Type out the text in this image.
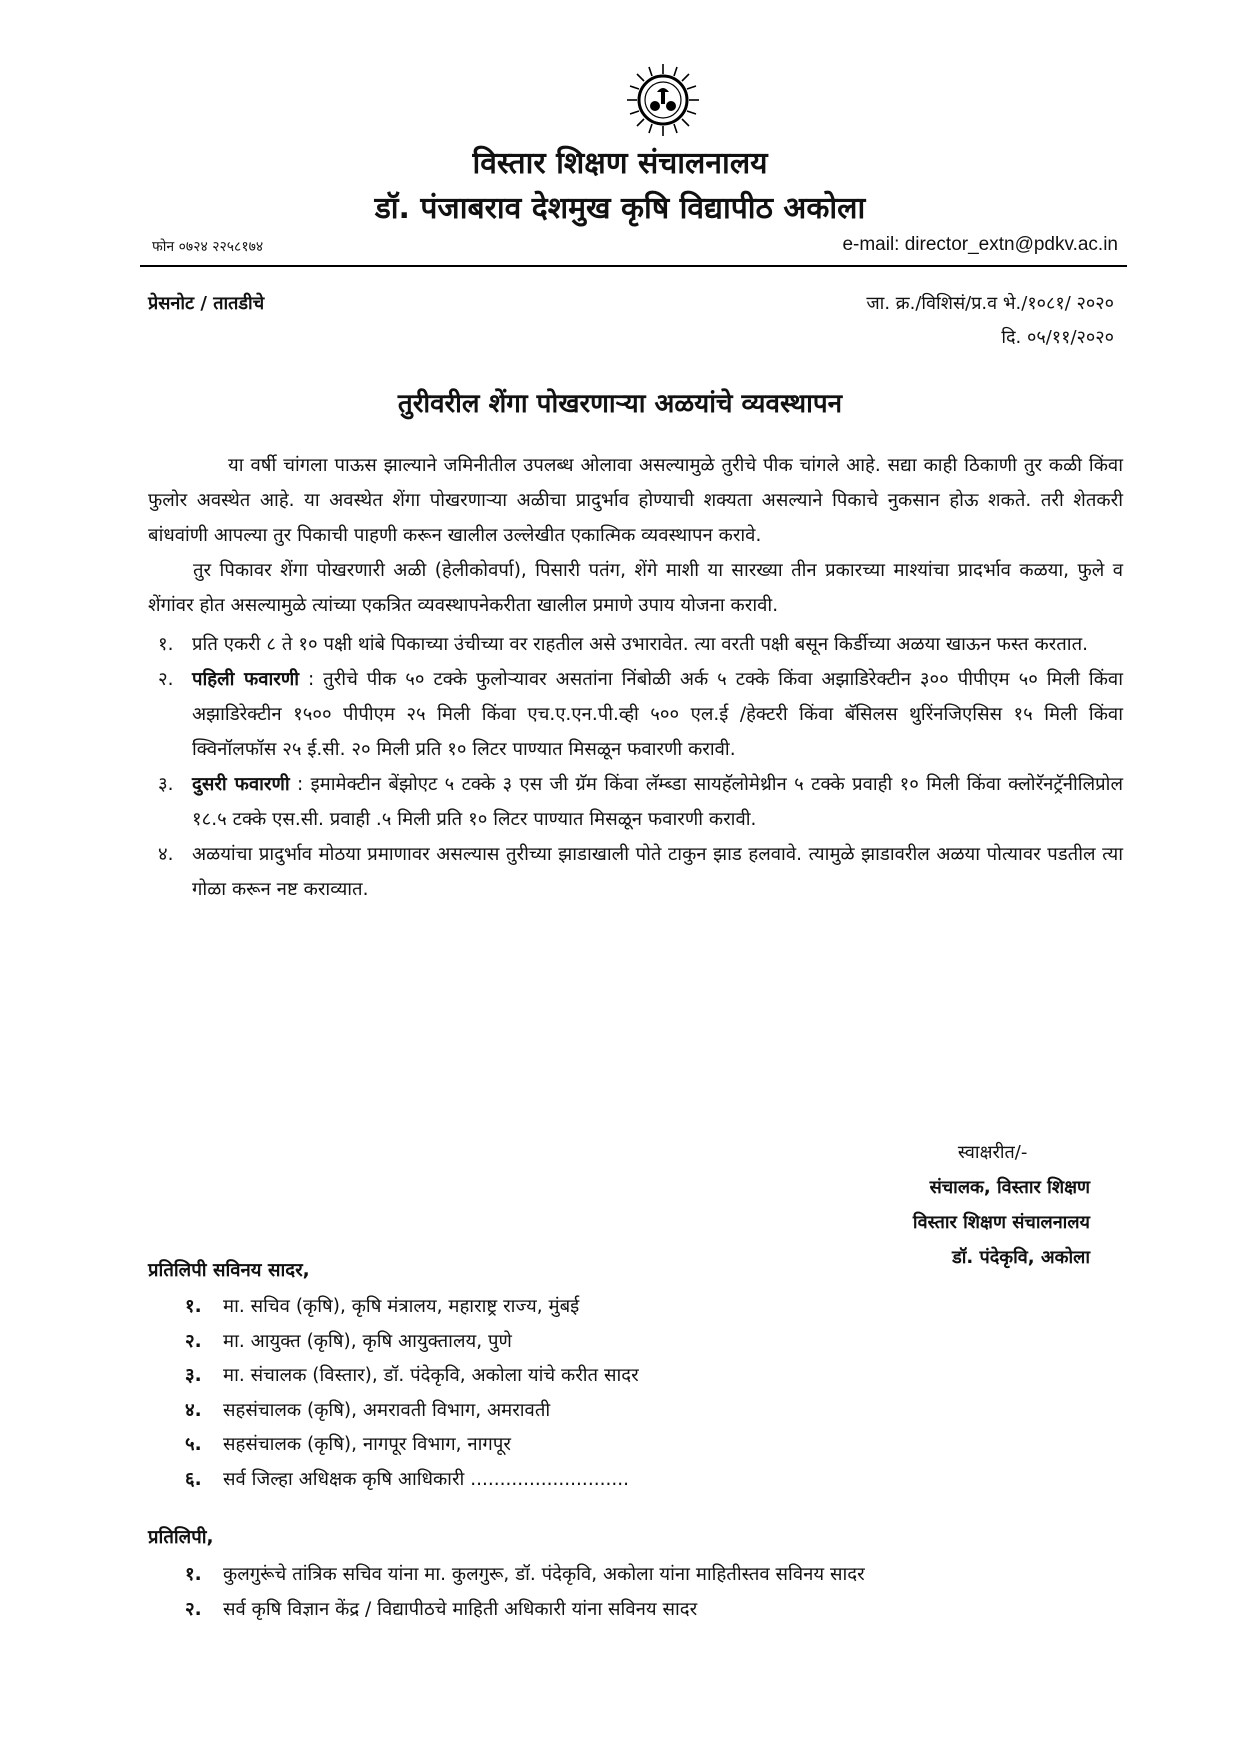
विस्तार शिक्षण संचालनालय
डॉ. पंजाबराव देशमुख कृषि विद्यापीठ अकोला
फोन ०७२४ २२५८१७४	e-mail: director_extn@pdkv.ac.in
प्रेसनोट / तातडीचे	जा. क्र./विशिसं/प्र.व भे./१०८१/ २०२०
दि. ०५/११/२०२०
तुरीवरील शेंगा पोखरणाऱ्या अळयांचे व्यवस्थापन

या वर्षी चांगला पाऊस झाल्याने जमिनीतील उपलब्ध ओलावा असल्यामुळे तुरीचे पीक चांगले आहे. सद्या काही ठिकाणी तुर कळी किंवा फुलोर अवस्थेत आहे. या अवस्थेत शेंगा पोखरणाऱ्या अळीचा प्रादुर्भाव होण्याची शक्यता असल्याने पिकाचे नुकसान होऊ शकते. तरी शेतकरी बांधवांणी आपल्या तुर पिकाची पाहणी करून खालील उल्लेखीत एकात्मिक व्यवस्थापन करावे.

तुर पिकावर शेंगा पोखरणारी अळी (हेलीकोवर्पा), पिसारी पतंग, शेंगे माशी या सारख्या तीन प्रकारच्या माश्यांचा प्रादर्भाव कळया, फुले व शेंगांवर होत असल्यामुळे त्यांच्या एकत्रित व्यवस्थापनेकरीता खालील प्रमाणे उपाय योजना करावी.

१. प्रति एकरी ८ ते १० पक्षी थांबे पिकाच्या उंचीच्या वर राहतील असे उभारावेत. त्या वरती पक्षी बसून किर्डीच्या अळया खाऊन फस्त करतात.
२. पहिली फवारणी : तुरीचे पीक ५० टक्के फुलोऱ्यावर असतांना निंबोळी अर्क ५ टक्के किंवा अझाडिरेक्टीन ३०० पीपीएम ५० मिली किंवा अझाडिरेक्टीन १५०० पीपीएम २५ मिली किंवा एच.ए.एन.पी.व्ही ५०० एल.ई /हेक्टरी किंवा बॅसिलस थुरिंनजिएसिस १५ मिली किंवा क्विनॉलफॉस २५ ई.सी. २० मिली प्रति १० लिटर पाण्यात मिसळून फवारणी करावी.
३. दुसरी फवारणी : इमामेक्टीन बेंझोएट ५ टक्के ३ एस जी ग्रॅम किंवा लॅम्ब्डा सायहॅलोमेथ्रीन ५ टक्के प्रवाही १० मिली किंवा क्लोरॅनट्रॅनीलिप्रोल १८.५ टक्के एस.सी. प्रवाही .५ मिली प्रति १० लिटर पाण्यात मिसळून फवारणी करावी.
४. अळयांचा प्रादुर्भाव मोठया प्रमाणावर असल्यास तुरीच्या झाडाखाली पोते टाकुन झाड हलवावे. त्यामुळे झाडावरील अळया पोत्यावर पडतील त्या गोळा करून नष्ट कराव्यात.
स्वाक्षरीत/-
संचालक, विस्तार शिक्षण
विस्तार शिक्षण संचालनालय
डॉ. पंदेकृवि, अकोला
प्रतिलिपी सविनय सादर,
१. मा. सचिव (कृषि), कृषि मंत्रालय, महाराष्ट्र राज्य, मुंबई
२. मा. आयुक्त (कृषि), कृषि आयुक्तालय, पुणे
३. मा. संचालक (विस्तार), डॉ. पंदेकृवि, अकोला यांचे करीत सादर
४. सहसंचालक (कृषि), अमरावती विभाग, अमरावती
५. सहसंचालक (कृषि), नागपूर विभाग, नागपूर
६. सर्व जिल्हा अधिक्षक कृषि आधिकारी ...........................
प्रतिलिपी,
१. कुलगुरूंचे तांत्रिक सचिव यांना मा. कुलगुरू, डॉ. पंदेकृवि, अकोला यांना माहितीस्तव सविनय सादर
२. सर्व कृषि विज्ञान केंद्र / विद्यापीठचे माहिती अधिकारी यांना सविनय सादर
